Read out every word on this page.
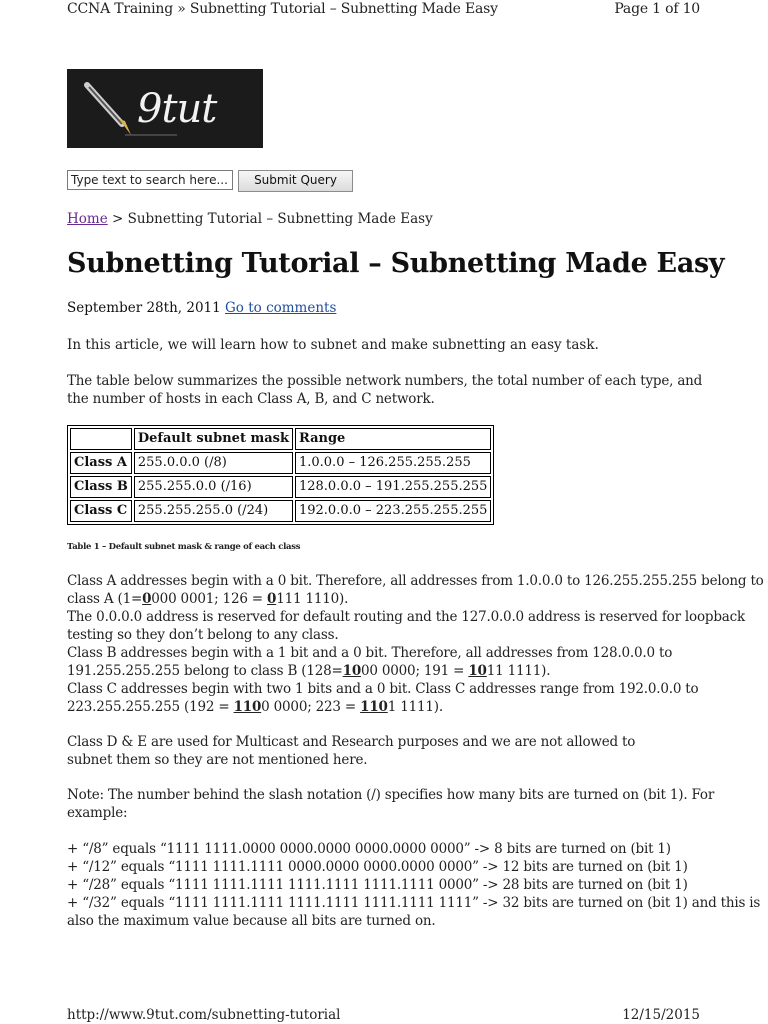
CCNA Training » Subnetting Tutorial – Subnetting Made Easy	Page 1 of 10
9tut
Type text to search here...	Submit Query
Home > Subnetting Tutorial – Subnetting Made Easy
Subnetting Tutorial – Subnetting Made Easy
September 28th, 2011 Go to comments
In this article, we will learn how to subnet and make subnetting an easy task.
The table below summarizes the possible network numbers, the total number of each type, and the number of hosts in each Class A, B, and C network.
	Default subnet mask	Range
Class A	255.0.0.0 (/8)	1.0.0.0 – 126.255.255.255
Class B	255.255.0.0 (/16)	128.0.0.0 – 191.255.255.255
Class C	255.255.255.0 (/24)	192.0.0.0 – 223.255.255.255
Table 1 – Default subnet mask & range of each class
Class A addresses begin with a 0 bit. Therefore, all addresses from 1.0.0.0 to 126.255.255.255 belong to
class A (1=0000 0001; 126 = 0111 1110).
The 0.0.0.0 address is reserved for default routing and the 127.0.0.0 address is reserved for loopback
testing so they don’t belong to any class.
Class B addresses begin with a 1 bit and a 0 bit. Therefore, all addresses from 128.0.0.0 to
191.255.255.255 belong to class B (128=1000 0000; 191 = 1011 1111).
Class C addresses begin with two 1 bits and a 0 bit. Class C addresses range from 192.0.0.0 to
223.255.255.255 (192 = 1100 0000; 223 = 1101 1111).
Class D & E are used for Multicast and Research purposes and we are not allowed to subnet them so they are not mentioned here.
Note: The number behind the slash notation (/) specifies how many bits are turned on (bit 1). For
example:
+ “/8” equals “1111 1111.0000 0000.0000 0000.0000 0000” -> 8 bits are turned on (bit 1)
+ “/12” equals “1111 1111.1111 0000.0000 0000.0000 0000” -> 12 bits are turned on (bit 1)
+ “/28” equals “1111 1111.1111 1111.1111 1111.1111 0000” -> 28 bits are turned on (bit 1)
+ “/32” equals “1111 1111.1111 1111.1111 1111.1111 1111” -> 32 bits are turned on (bit 1) and this is
also the maximum value because all bits are turned on.
http://www.9tut.com/subnetting-tutorial	12/15/2015
